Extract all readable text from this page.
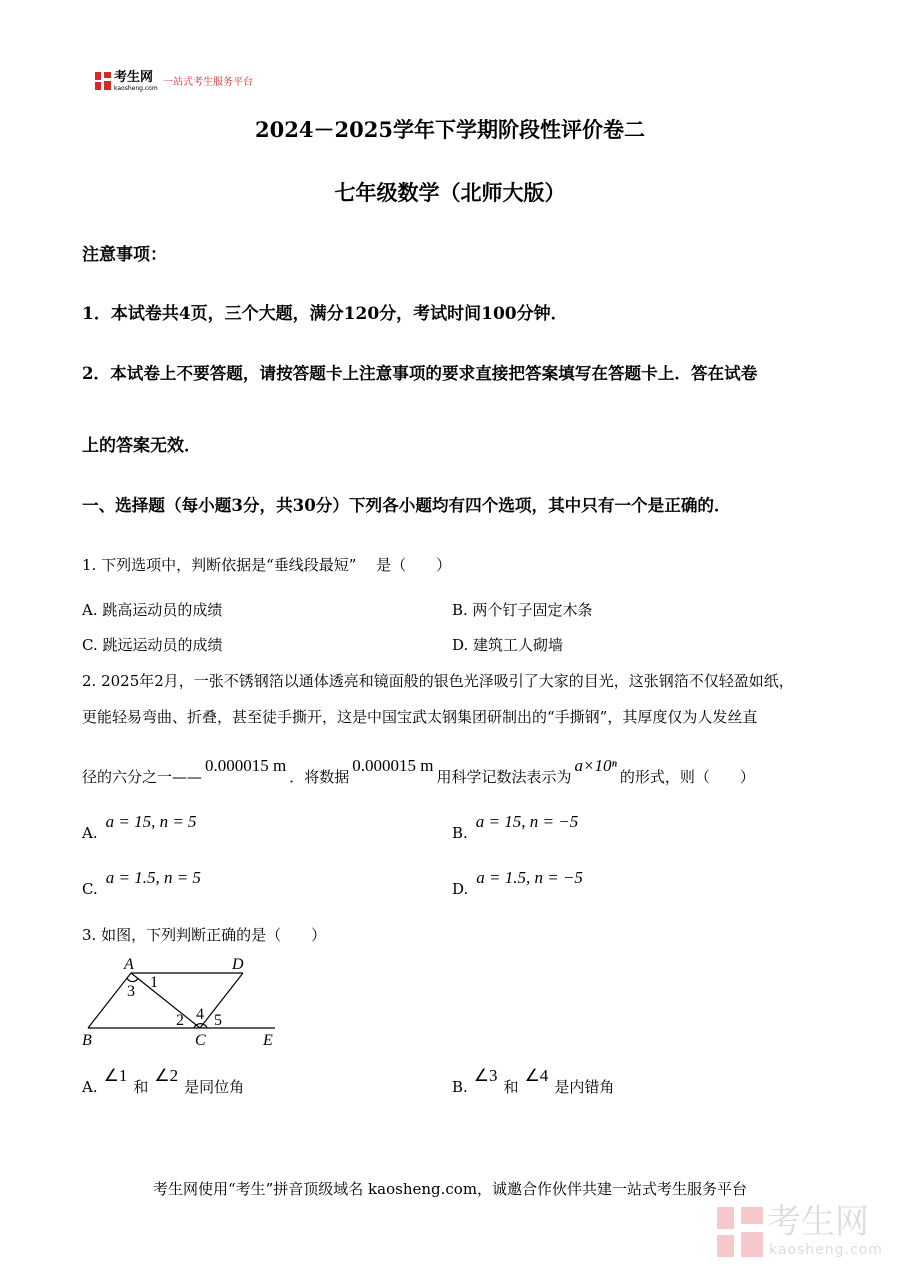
考生网
kaosheng.com
一站式考生服务平台
2024－2025学年下学期阶段性评价卷二
七年级数学（北师大版）
注意事项：
1．本试卷共4页，三个大题，满分120分，考试时间100分钟．
2．本试卷上不要答题，请按答题卡上注意事项的要求直接把答案填写在答题卡上．答在试卷
上的答案无效．
一、选择题（每小题3分，共30分）下列各小题均有四个选项，其中只有一个是正确的．
1. 下列选项中，判断依据是“垂线段最短”　 是（　　）
A. 跳高运动员的成绩	B. 两个钉子固定木条
C. 跳远运动员的成绩	D. 建筑工人砌墙
2. 2025年2月，一张不锈钢箔以通体透亮和镜面般的银色光泽吸引了大家的目光，这张钢箔不仅轻盈如纸，
更能轻易弯曲、折叠，甚至徒手撕开，这是中国宝武太钢集团研制出的“手撕钢”，其厚度仅为人发丝直
径的六分之一——
0.000015 m
．将数据
0.000015 m
用科学记数法表示为
a×10ⁿ
的形式，则（　　）
A.
a = 15, n = 5
B.
a = 15, n = −5
C.
a = 1.5, n = 5
D.
a = 1.5, n = −5
3. 如图，下列判断正确的是（　　）
A	D
B	C	E
1
2
3
4 5
A.
∠1
和
∠2
是同位角	B.
∠3
和
∠4
是内错角
考生网使用“考生”拼音顶级域名 kaosheng.com，诚邀合作伙伴共建一站式考生服务平台
考生网
kaosheng.com
